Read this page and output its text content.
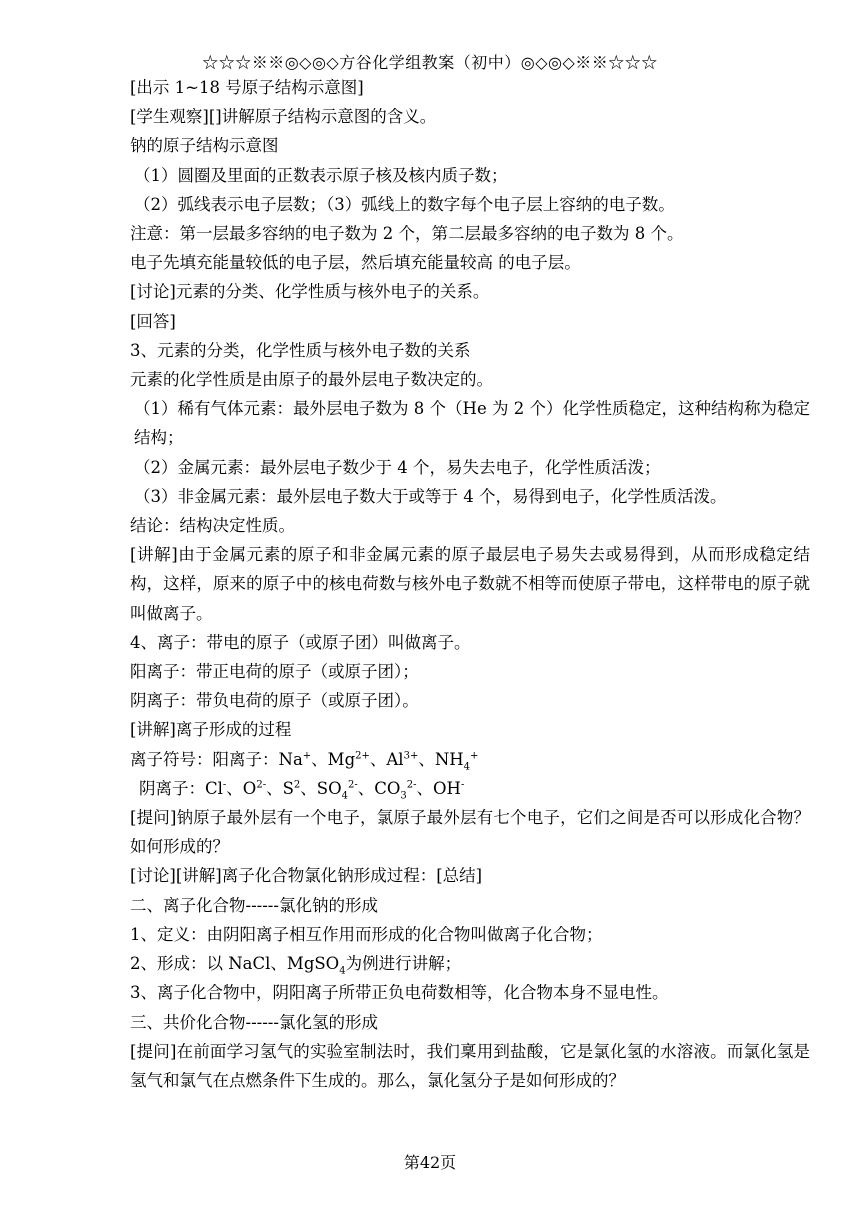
☆☆☆※※◎◇◎◇方谷化学组教案（初中）◎◇◎◇※※☆☆☆
[出示 1~18 号原子结构示意图]
[学生观察][]讲解原子结构示意图的含义。
钠的原子结构示意图
（1）圆圈及里面的正数表示原子核及核内质子数；
（2）弧线表示电子层数；（3）弧线上的数字每个电子层上容纳的电子数。
注意：第一层最多容纳的电子数为 2 个，第二层最多容纳的电子数为 8 个。
电子先填充能量较低的电子层，然后填充能量较高 的电子层。
[讨论]元素的分类、化学性质与核外电子的关系。
[回答]
3、元素的分类，化学性质与核外电子数的关系
元素的化学性质是由原子的最外层电子数决定的。
（1）稀有气体元素：最外层电子数为 8 个（He 为 2 个）化学性质稳定，这种结构称为稳定结构；
（2）金属元素：最外层电子数少于 4 个，易失去电子，化学性质活泼；
（3）非金属元素：最外层电子数大于或等于 4 个，易得到电子，化学性质活泼。
结论：结构决定性质。
[讲解]由于金属元素的原子和非金属元素的原子最层电子易失去或易得到，从而形成稳定结构，这样，原来的原子中的核电荷数与核外电子数就不相等而使原子带电，这样带电的原子就叫做离子。
4、离子：带电的原子（或原子团）叫做离子。
阳离子：带正电荷的原子（或原子团）；
阴离子：带负电荷的原子（或原子团）。
[讲解]离子形成的过程
离子符号：阳离子：Na+、$Mg^{2+}$、$Al^{3+}$、$NH_4^+$
阴离子：Cl-、$O^{2-}$、$S^2$、$SO_4^{2-}$、$CO_3^{2-}$、OH-
[提问]钠原子最外层有一个电子，氯原子最外层有七个电子，它们之间是否可以形成化合物？如何形成的？
[讨论][讲解]离子化合物氯化钠形成过程：[总结]
二、离子化合物------氯化钠的形成
1、定义：由阴阳离子相互作用而形成的化合物叫做离子化合物；
2、形成：以 NaCl、MgSO$_4$为例进行讲解；
3、离子化合物中，阴阳离子所带正负电荷数相等，化合物本身不显电性。
三、共价化合物------氯化氢的形成
[提问]在前面学习氢气的实验室制法时，我们稟用到盐酸，它是氯化氢的水溶液。而氯化氢是氢气和氯气在点燃条件下生成的。那么，氯化氢分子是如何形成的？
第42页
